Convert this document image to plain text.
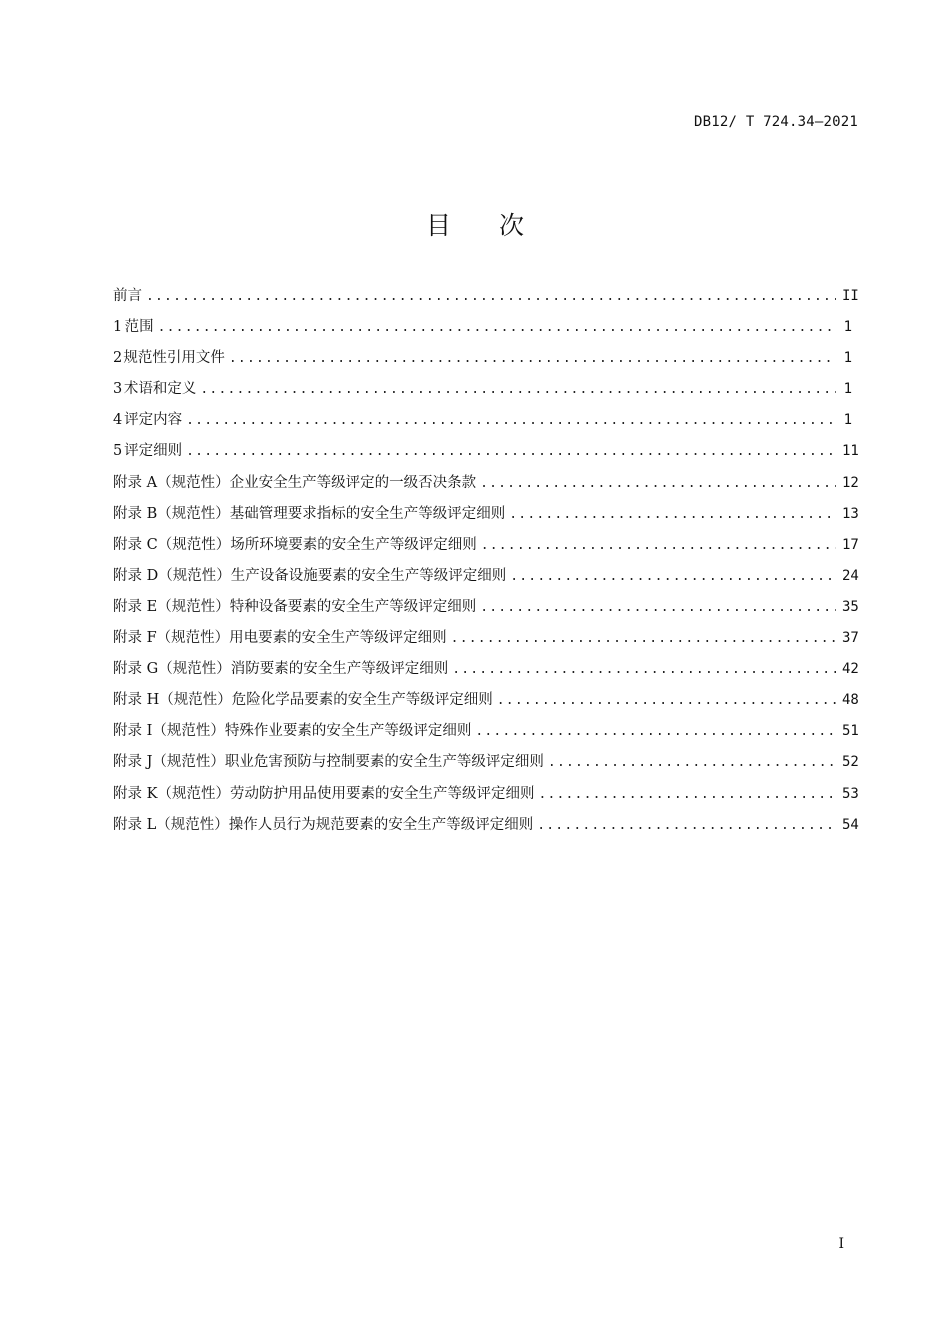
DB12/ T 724.34—2021
目 次
前言 .....	II
1 范围 .....	1
2 规范性引用文件 .....	1
3 术语和定义 .....	1
4 评定内容 .....	1
5 评定细则 .....	11
附录 A （规范性） 企业安全生产等级评定的一级否决条款 .....	12
附录 B （规范性） 基础管理要求指标的安全生产等级评定细则 .....	13
附录 C （规范性） 场所环境要素的安全生产等级评定细则 .....	17
附录 D （规范性） 生产设备设施要素的安全生产等级评定细则 .....	24
附录 E （规范性） 特种设备要素的安全生产等级评定细则 .....	35
附录 F （规范性） 用电要素的安全生产等级评定细则 .....	37
附录 G （规范性） 消防要素的安全生产等级评定细则 .....	42
附录 H （规范性） 危险化学品要素的安全生产等级评定细则 .....	48
附录 I （规范性） 特殊作业要素的安全生产等级评定细则 .....	51
附录 J （规范性） 职业危害预防与控制要素的安全生产等级评定细则 .....	52
附录 K （规范性） 劳动防护用品使用要素的安全生产等级评定细则 .....	53
附录 L （规范性） 操作人员行为规范要素的安全生产等级评定细则 .....	54
I
